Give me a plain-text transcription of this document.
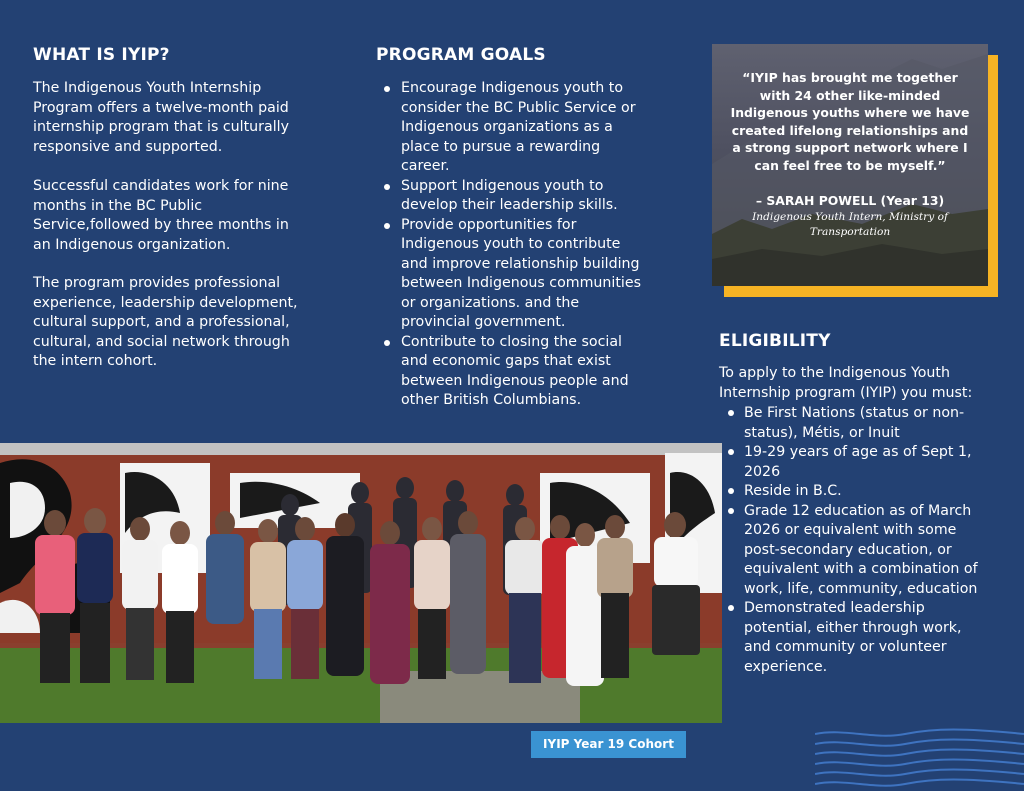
WHAT IS IYIP?

The Indigenous Youth Internship Program offers a twelve-month paid internship program that is culturally responsive and supported.

Successful candidates work for nine months in the BC Public Service,followed by three months in an Indigenous organization.

The program provides professional experience, leadership development, cultural support, and a professional, cultural, and social network through the intern cohort.

PROGRAM GOALS
Encourage Indigenous youth to consider the BC Public Service or Indigenous organizations as a place to pursue a rewarding career.
Support Indigenous youth to develop their leadership skills.
Provide opportunities for Indigenous youth to contribute and improve relationship building between Indigenous communities or organizations. and the provincial government.
Contribute to closing the social and economic gaps that exist between Indigenous people and other British Columbians.

“IYIP has brought me together with 24 other like-minded Indigenous youths where we have created lifelong relationships and a strong support network where I can feel free to be myself.”

– SARAH POWELL (Year 13)

Indigenous Youth Intern, Ministry of Transportation

ELIGIBILITY

To apply to the Indigenous Youth Internship program (IYIP) you must:

Be First Nations (status or non-status), Métis, or Inuit
19-29 years of age as of Sept 1, 2026
Reside in B.C.
Grade 12 education as of March 2026 or equivalent with some post-secondary education, or equivalent with a combination of work, life, community, education
Demonstrated leadership potential, either through work, and community or volunteer experience.
IYIP Year 19 Cohort
